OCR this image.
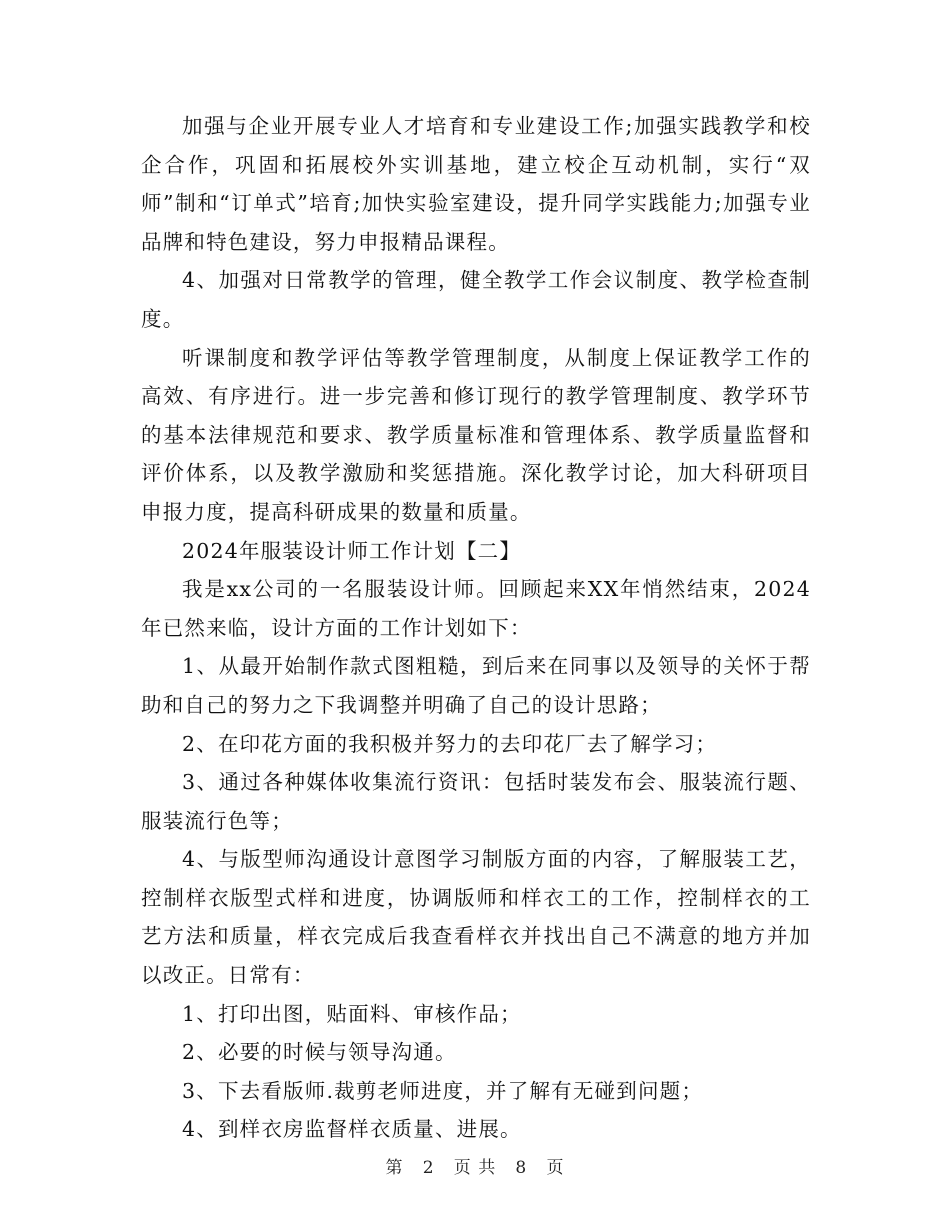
加强与企业开展专业人才培育和专业建设工作;加强实践教学和校企合作，巩固和拓展校外实训基地，建立校企互动机制，实行“双师”制和“订单式”培育;加快实验室建设，提升同学实践能力;加强专业品牌和特色建设，努力申报精品课程。

4、加强对日常教学的管理，健全教学工作会议制度、教学检查制度。

听课制度和教学评估等教学管理制度，从制度上保证教学工作的高效、有序进行。进一步完善和修订现行的教学管理制度、教学环节的基本法律规范和要求、教学质量标准和管理体系、教学质量监督和评价体系，以及教学激励和奖惩措施。深化教学讨论，加大科研项目申报力度，提高科研成果的数量和质量。

2024年服装设计师工作计划【二】

我是xx公司的一名服装设计师。回顾起来XX年悄然结束，2024年已然来临，设计方面的工作计划如下：

1、从最开始制作款式图粗糙，到后来在同事以及领导的关怀于帮助和自己的努力之下我调整并明确了自己的设计思路；

2、在印花方面的我积极并努力的去印花厂去了解学习；

3、通过各种媒体收集流行资讯：包括时装发布会、服装流行题、服装流行色等；

4、与版型师沟通设计意图学习制版方面的内容，了解服装工艺，控制样衣版型式样和进度，协调版师和样衣工的工作，控制样衣的工艺方法和质量，样衣完成后我查看样衣并找出自己不满意的地方并加以改正。日常有：

1、打印出图，贴面料、审核作品；

2、必要的时候与领导沟通。

3、下去看版师.裁剪老师进度，并了解有无碰到问题；

4、到样衣房监督样衣质量、进展。

第 2 页 共 8 页
